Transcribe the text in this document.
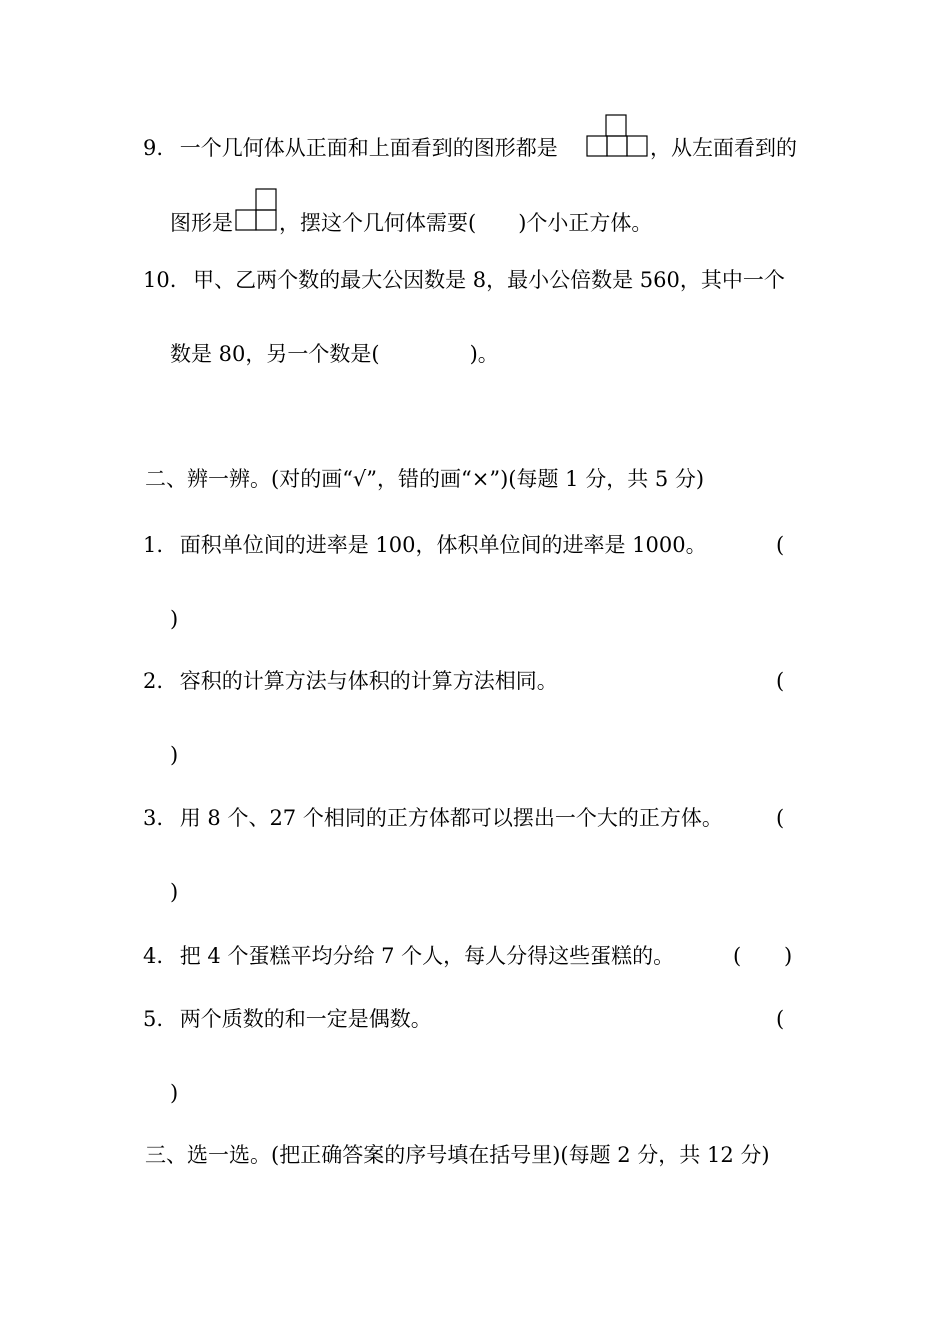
9. 一个几何体从正面和上面看到的图形都是	，从左面看到的
图形是 ，摆这个几何体需要( )个小正方体。
10. 甲、乙两个数的最大公因数是 8，最小公倍数是 560，其中一个
数是 80，另一个数是(	)。
二、辨一辨。(对的画“√”，错的画“×”)(每题 1 分，共 5 分)
1. 面积单位间的进率是 100，体积单位间的进率是 1000。	(
)
2. 容积的计算方法与体积的计算方法相同。	(
)
3. 用 8 个、27 个相同的正方体都可以摆出一个大的正方体。	(
)
4. 把 4 个蛋糕平均分给 7 个人，每人分得这些蛋糕的。	( )
5. 两个质数的和一定是偶数。	(
)
三、选一选。(把正确答案的序号填在括号里)(每题 2 分，共 12 分)
